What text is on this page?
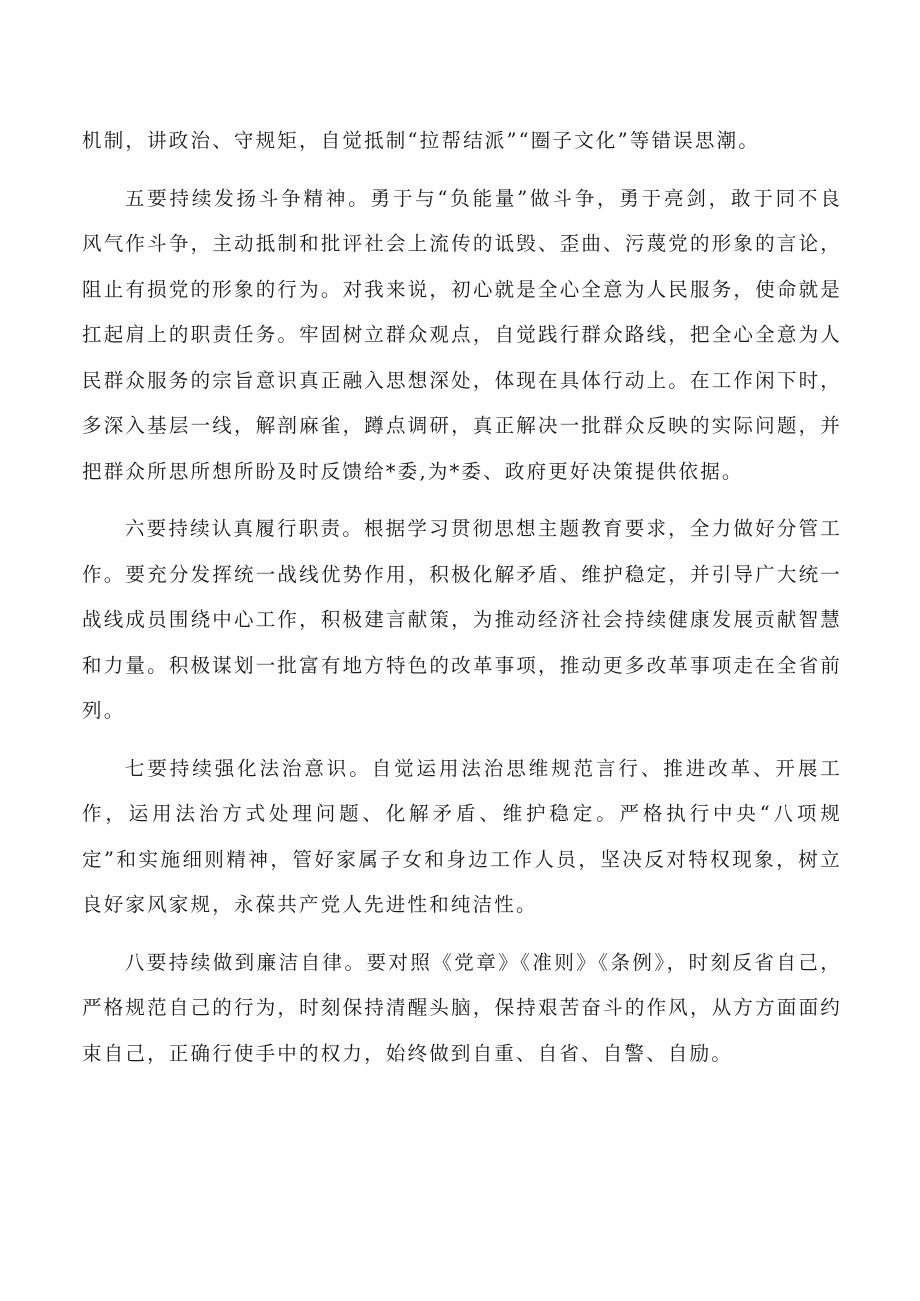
机制，讲政治、守规矩，自觉抵制“拉帮结派”“圈子文化”等错误思潮。

五要持续发扬斗争精神。勇于与“负能量”做斗争，勇于亮剑，敢于同不良风气作斗争，主动抵制和批评社会上流传的诋毁、歪曲、污蔑党的形象的言论，阻止有损党的形象的行为。对我来说，初心就是全心全意为人民服务，使命就是扛起肩上的职责任务。牢固树立群众观点，自觉践行群众路线，把全心全意为人民群众服务的宗旨意识真正融入思想深处，体现在具体行动上。在工作闲下时，多深入基层一线，解剖麻雀，蹲点调研，真正解决一批群众反映的实际问题，并把群众所思所想所盼及时反馈给*委,为*委、政府更好决策提供依据。

六要持续认真履行职责。根据学习贯彻思想主题教育要求，全力做好分管工作。要充分发挥统一战线优势作用，积极化解矛盾、维护稳定，并引导广大统一战线成员围绕中心工作，积极建言献策，为推动经济社会持续健康发展贡献智慧和力量。积极谋划一批富有地方特色的改革事项，推动更多改革事项走在全省前列。

七要持续强化法治意识。自觉运用法治思维规范言行、推进改革、开展工作，运用法治方式处理问题、化解矛盾、维护稳定。严格执行中央“八项规定”和实施细则精神，管好家属子女和身边工作人员，坚决反对特权现象，树立良好家风家规，永葆共产党人先进性和纯洁性。

八要持续做到廉洁自律。要对照《党章》《准则》《条例》，时刻反省自己，严格规范自己的行为，时刻保持清醒头脑，保持艰苦奋斗的作风，从方方面面约束自己，正确行使手中的权力，始终做到自重、自省、自警、自励。
